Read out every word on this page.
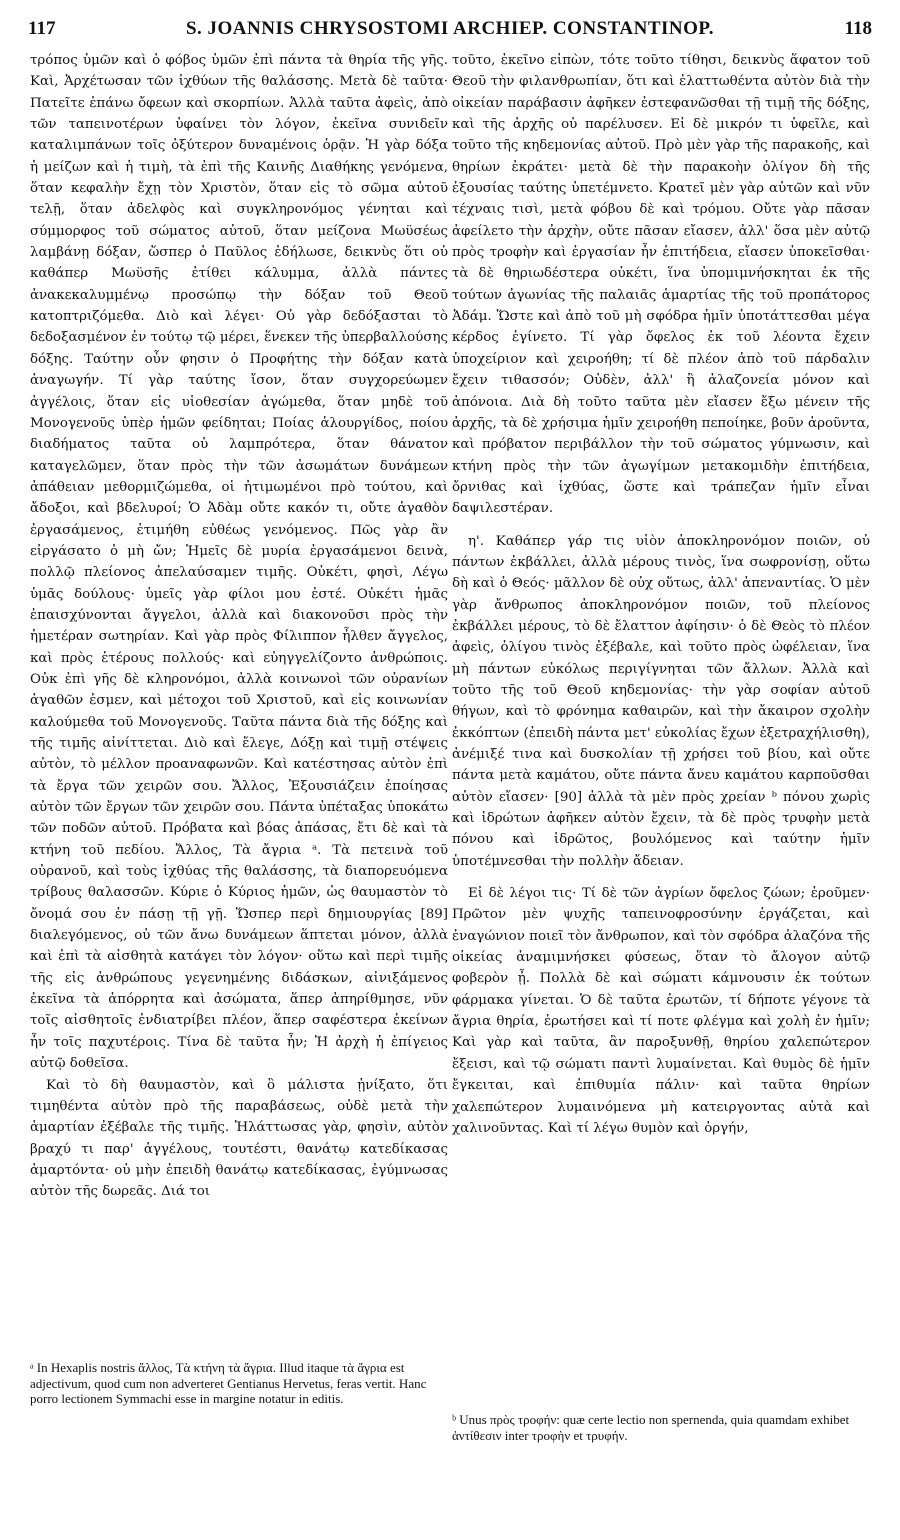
117	S. JOANNIS CHRYSOSTOMI ARCHIEP. CONSTANTINOP.	118

τρόπος ὑμῶν καὶ ὁ φόβος ὑμῶν ἐπὶ πάντα τὰ θηρία τῆς γῆς. Καὶ, Ἀρχέτωσαν τῶν ἰχθύων τῆς θαλάσσης. Μετὰ δὲ ταῦτα· Πατεῖτε ἐπάνω ὄφεων καὶ σκορπίων. Ἀλλὰ ταῦτα ἀφεὶς, ἀπὸ τῶν ταπεινοτέρων ὑφαίνει τὸν λόγον, ἐκεῖνα συνιδεῖν καταλιμπάνων τοῖς ὀξύτερον δυναμένοις ὁρᾷν. Ἡ γὰρ δόξα ἡ μείζων καὶ ἡ τιμὴ, τὰ ἐπὶ τῆς Καινῆς Διαθήκης γενόμενα, ὅταν κεφαλὴν ἔχῃ τὸν Χριστὸν, ὅταν εἰς τὸ σῶμα αὐτοῦ τελῇ, ὅταν ἀδελφὸς καὶ συγκληρονόμος γένηται καὶ σύμμορφος τοῦ σώματος αὐτοῦ, ὅταν μείζονα Μωϋσέως λαμβάνῃ δόξαν, ὥσπερ ὁ Παῦλος ἐδήλωσε, δεικνὺς ὅτι οὐ καθάπερ Μωϋσῆς ἐτίθει κάλυμμα, ἀλλὰ πάντες ἀνακεκαλυμμένῳ προσώπῳ τὴν δόξαν τοῦ Θεοῦ κατοπτριζόμεθα. Διὸ καὶ λέγει· Οὐ γὰρ δεδόξασται τὸ δεδοξασμένον ἐν τούτῳ τῷ μέρει, ἕνεκεν τῆς ὑπερβαλλούσης δόξης. Ταύτην οὖν φησιν ὁ Προφήτης τὴν δόξαν κατὰ ἀναγωγήν. Τί γὰρ ταύτης ἴσον, ὅταν συγχορεύωμεν ἀγγέλοις, ὅταν εἰς υἱοθεσίαν ἀγώμεθα, ὅταν μηδὲ τοῦ Μονογενοῦς ὑπὲρ ἡμῶν φείδηται; Ποίας ἁλουργίδος, ποίου διαδήματος ταῦτα οὐ λαμπρότερα, ὅταν θάνατον καταγελῶμεν, ὅταν πρὸς τὴν τῶν ἀσωμάτων δυνάμεων ἀπάθειαν μεθορμιζώμεθα, οἱ ἠτιμωμένοι πρὸ τούτου, καὶ ἄδοξοι, καὶ βδελυροί; Ὁ Ἀδὰμ οὔτε κακόν τι, οὔτε ἀγαθὸν ἐργασάμενος, ἐτιμήθη εὐθέως γενόμενος. Πῶς γὰρ ἂν εἰργάσατο ὁ μὴ ὤν; Ἡμεῖς δὲ μυρία ἐργασάμενοι δεινὰ, πολλῷ πλείονος ἀπελαύσαμεν τιμῆς. Οὐκέτι, φησὶ, Λέγω ὑμᾶς δούλους· ὑμεῖς γὰρ φίλοι μου ἐστέ. Οὐκέτι ἡμᾶς ἐπαισχύνονται ἄγγελοι, ἀλλὰ καὶ διακονοῦσι πρὸς τὴν ἡμετέραν σωτηρίαν. Καὶ γὰρ πρὸς Φίλιππον ἦλθεν ἄγγελος, καὶ πρὸς ἑτέρους πολλούς· καὶ εὐηγγελίζοντο ἀνθρώποις. Οὐκ ἐπὶ γῆς δὲ κληρονόμοι, ἀλλὰ κοινωνοὶ τῶν οὐρανίων ἀγαθῶν ἐσμεν, καὶ μέτοχοι τοῦ Χριστοῦ, καὶ εἰς κοινωνίαν καλούμεθα τοῦ Μονογενοῦς. Ταῦτα πάντα διὰ τῆς δόξης καὶ τῆς τιμῆς αἰνίττεται. Διὸ καὶ ἔλεγε, Δόξῃ καὶ τιμῇ στέψεις αὐτὸν, τὸ μέλλον προαναφωνῶν. Καὶ κατέστησας αὐτὸν ἐπὶ τὰ ἔργα τῶν χειρῶν σου. Ἄλλος, Ἐξουσιάζειν ἐποίησας αὐτὸν τῶν ἔργων τῶν χειρῶν σου. Πάντα ὑπέταξας ὑποκάτω τῶν ποδῶν αὐτοῦ. Πρόβατα καὶ βόας ἁπάσας, ἔτι δὲ καὶ τὰ κτήνη τοῦ πεδίου. Ἄλλος, Τὰ ἄγρια ᵃ. Τὰ πετεινὰ τοῦ οὐρανοῦ, καὶ τοὺς ἰχθύας τῆς θαλάσσης, τὰ διαπορευόμενα τρίβους θαλασσῶν. Κύριε ὁ Κύριος ἡμῶν, ὡς θαυμαστὸν τὸ ὄνομά σου ἐν πάσῃ τῇ γῇ. Ὥσπερ περὶ δημιουργίας [89] διαλεγόμενος, οὐ τῶν ἄνω δυνάμεων ἅπτεται μόνον, ἀλλὰ καὶ ἐπὶ τὰ αἰσθητὰ κατάγει τὸν λόγον· οὕτω καὶ περὶ τιμῆς τῆς εἰς ἀνθρώπους γεγενημένης διδάσκων, αἰνιξάμενος ἐκεῖνα τὰ ἀπόρρητα καὶ ἀσώματα, ἅπερ ἀπηρίθμησε, νῦν τοῖς αἰσθητοῖς ἐνδιατρίβει πλέον, ἅπερ σαφέστερα ἐκείνων ἦν τοῖς παχυτέροις. Τίνα δὲ ταῦτα ἦν; Ἡ ἀρχὴ ἡ ἐπίγειος αὐτῷ δοθεῖσα.

Καὶ τὸ δὴ θαυμαστὸν, καὶ ὃ μάλιστα ᾐνίξατο, ὅτι τιμηθέντα αὐτὸν πρὸ τῆς παραβάσεως, οὐδὲ μετὰ τὴν ἁμαρτίαν ἐξέβαλε τῆς τιμῆς. Ἠλάττωσας γὰρ, φησὶν, αὐτὸν βραχύ τι παρ' ἀγγέλους, τουτέστι, θανάτῳ κατεδίκασας ἁμαρτόντα· οὐ μὴν ἐπειδὴ θανάτῳ κατεδίκασας, ἐγύμνωσας αὐτὸν τῆς δωρεᾶς. Διά τοι

τοῦτο, ἐκεῖνο εἰπὼν, τότε τοῦτο τίθησι, δεικνὺς ἅφατον τοῦ Θεοῦ τὴν φιλανθρωπίαν, ὅτι καὶ ἐλαττωθέντα αὐτὸν διὰ τὴν οἰκείαν παράβασιν ἀφῆκεν ἐστεφανῶσθαι τῇ τιμῇ τῆς δόξης, καὶ τῆς ἀρχῆς οὐ παρέλυσεν. Εἰ δὲ μικρόν τι ὑφεῖλε, καὶ τοῦτο τῆς κηδεμονίας αὐτοῦ. Πρὸ μὲν γὰρ τῆς παρακοῆς, καὶ θηρίων ἐκράτει· μετὰ δὲ τὴν παρακοὴν ὀλίγον δὴ τῆς ἐξουσίας ταύτης ὑπετέμνετο. Κρατεῖ μὲν γὰρ αὐτῶν καὶ νῦν τέχναις τισὶ, μετὰ φόβου δὲ καὶ τρόμου. Οὔτε γὰρ πᾶσαν ἀφείλετο τὴν ἀρχὴν, οὔτε πᾶσαν εἴασεν, ἀλλ' ὅσα μὲν αὐτῷ πρὸς τροφὴν καὶ ἐργασίαν ἦν ἐπιτήδεια, εἴασεν ὑποκεῖσθαι· τὰ δὲ θηριωδέστερα οὐκέτι, ἵνα ὑπομιμνήσκηται ἐκ τῆς τούτων ἀγωνίας τῆς παλαιᾶς ἁμαρτίας τῆς τοῦ προπάτορος Ἀδάμ. Ὥστε καὶ ἀπὸ τοῦ μὴ σφόδρα ἡμῖν ὑποτάττεσθαι μέγα κέρδος ἐγίνετο. Τί γὰρ ὄφελος ἐκ τοῦ λέοντα ἔχειν ὑποχείριον καὶ χειροήθη; τί δὲ πλέον ἀπὸ τοῦ πάρδαλιν ἔχειν τιθασσόν; Οὐδὲν, ἀλλ' ἢ ἀλαζονεία μόνον καὶ ἀπόνοια. Διὰ δὴ τοῦτο ταῦτα μὲν εἴασεν ἔξω μένειν τῆς ἀρχῆς, τὰ δὲ χρήσιμα ἡμῖν χειροήθη πεποίηκε, βοῦν ἀροῦντα, καὶ πρόβατον περιβάλλον τὴν τοῦ σώματος γύμνωσιν, καὶ κτήνη πρὸς τὴν τῶν ἀγωγίμων μετακομιδὴν ἐπιτήδεια, ὄρνιθας καὶ ἰχθύας, ὥστε καὶ τράπεζαν ἡμῖν εἶναι δαψιλεστέραν.

η'. Καθάπερ γάρ τις υἱὸν ἀποκληρονόμον ποιῶν, οὐ πάντων ἐκβάλλει, ἀλλὰ μέρους τινὸς, ἵνα σωφρονίσῃ, οὕτω δὴ καὶ ὁ Θεός· μᾶλλον δὲ οὐχ οὕτως, ἀλλ' ἀπεναντίας. Ὁ μὲν γὰρ ἄνθρωπος ἀποκληρονόμον ποιῶν, τοῦ πλείονος ἐκβάλλει μέρους, τὸ δὲ ἔλαττον ἀφίησιν· ὁ δὲ Θεὸς τὸ πλέον ἀφεὶς, ὀλίγου τινὸς ἐξέβαλε, καὶ τοῦτο πρὸς ὠφέλειαν, ἵνα μὴ πάντων εὐκόλως περιγίγνηται τῶν ἄλλων. Ἀλλὰ καὶ τοῦτο τῆς τοῦ Θεοῦ κηδεμονίας· τὴν γὰρ σοφίαν αὐτοῦ θήγων, καὶ τὸ φρόνημα καθαιρῶν, καὶ τὴν ἄκαιρον σχολὴν ἐκκόπτων (ἐπειδὴ πάντα μετ' εὐκολίας ἔχων ἐξετραχήλισθη), ἀνέμιξέ τινα καὶ δυσκολίαν τῇ χρήσει τοῦ βίου, καὶ οὔτε πάντα μετὰ καμάτου, οὔτε πάντα ἄνευ καμάτου καρποῦσθαι αὐτὸν εἴασεν· [90] ἀλλὰ τὰ μὲν πρὸς χρείαν ᵇ πόνου χωρὶς καὶ ἱδρώτων ἀφῆκεν αὐτὸν ἔχειν, τὰ δὲ πρὸς τρυφὴν μετὰ πόνου καὶ ἱδρῶτος, βουλόμενος καὶ ταύτην ἡμῖν ὑποτέμνεσθαι τὴν πολλὴν ἄδειαν.

Εἰ δὲ λέγοι τις· Τί δὲ τῶν ἀγρίων ὄφελος ζώων; ἐροῦμεν· Πρῶτον μὲν ψυχῆς ταπεινοφροσύνην ἐργάζεται, καὶ ἐναγώνιον ποιεῖ τὸν ἄνθρωπον, καὶ τὸν σφόδρα ἀλαζόνα τῆς οἰκείας ἀναμιμνήσκει φύσεως, ὅταν τὸ ἄλογον αὐτῷ φοβερὸν ᾖ. Πολλὰ δὲ καὶ σώματι κάμνουσιν ἐκ τούτων φάρμακα γίνεται. Ὁ δὲ ταῦτα ἐρωτῶν, τί δήποτε γέγονε τὰ ἄγρια θηρία, ἐρωτήσει καὶ τί ποτε φλέγμα καὶ χολὴ ἐν ἡμῖν; Καὶ γὰρ καὶ ταῦτα, ἂν παροξυνθῇ, θηρίου χαλεπώτερον ἔξεισι, καὶ τῷ σώματι παντὶ λυμαίνεται. Καὶ θυμὸς δὲ ἡμῖν ἔγκειται, καὶ ἐπιθυμία πάλιν· καὶ ταῦτα θηρίων χαλεπώτερον λυμαινόμενα μὴ κατειργοντας αὐτὰ καὶ χαλινοῦντας. Καὶ τί λέγω θυμὸν καὶ ὀργήν,

ᵃ In Hexaplis nostris ἄλλος, Τὰ κτήνη τὰ ἄγρια. Illud itaque τὰ ἄγρια est adjectivum, quod cum non adverteret Gentianus Hervetus, feras vertit. Hanc porro lectionem Symmachi esse in margine notatur in editis.

ᵇ Unus πρὸς τροφήν: quæ certe lectio non spernenda, quia quamdam exhibet ἀντίθεσιν inter τροφὴν et τρυφήν.
